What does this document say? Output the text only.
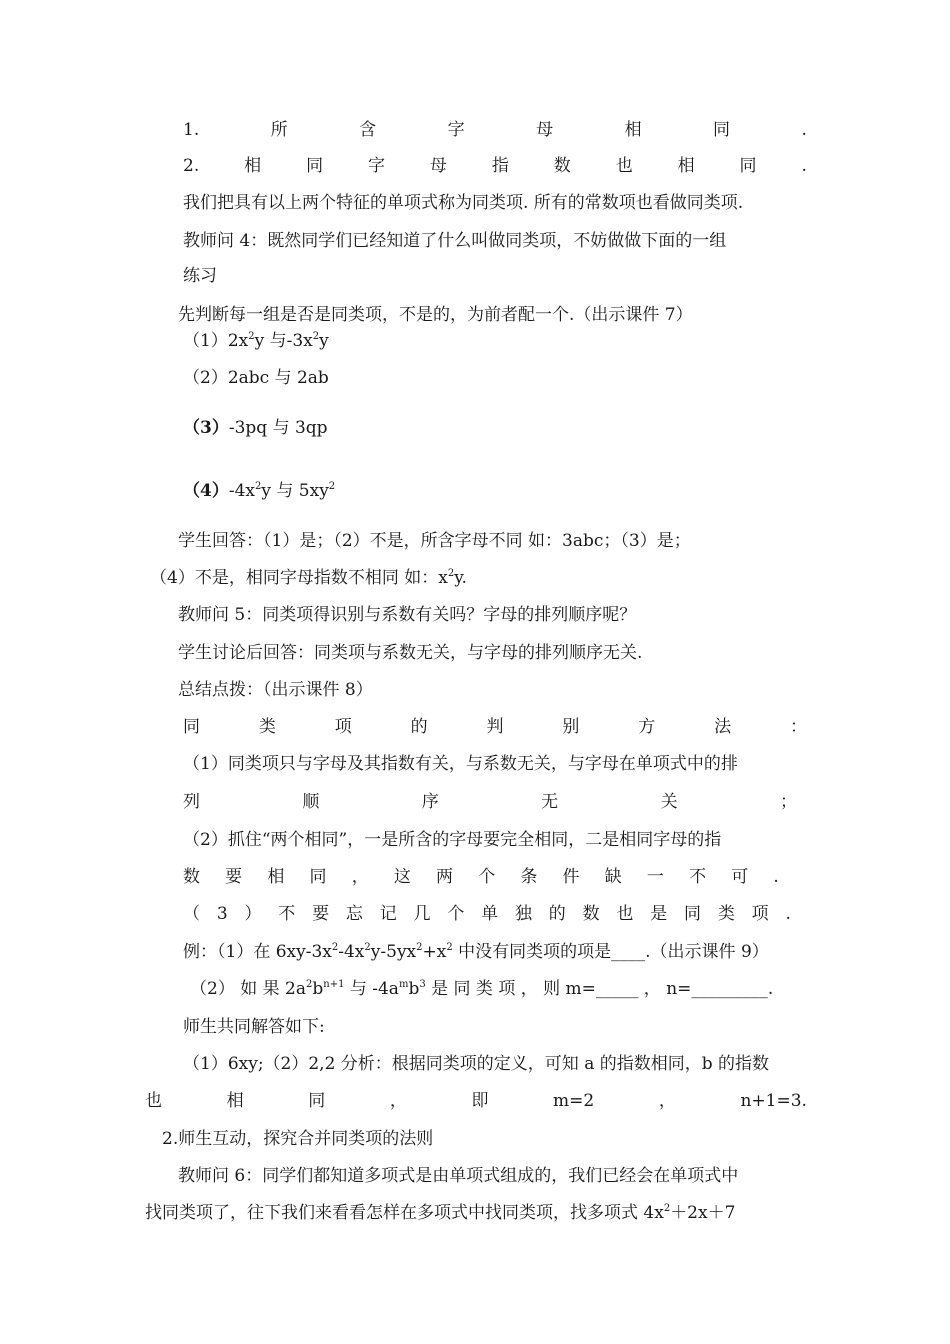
1.	所	含	字	母	相	同	.
2.	相	同	字	母	指	数	也	相	同	.
我们把具有以上两个特征的单项式称为同类项. 所有的常数项也看做同类项.
教师问 4：既然同学们已经知道了什么叫做同类项，不妨做做下面的一组
练习
先判断每一组是否是同类项，不是的，为前者配一个.（出示课件 7）
$(1)2x^2y$ 与$-3x^2y$
（2）2abc 与 2ab
（3）-3pq 与 3qp
$(4)-4x^2y$ 与 $5xy^2$
学生回答：（1）是；（2）不是，所含字母不同 如：3abc；（3）是；
（4）不是，相同字母指数不相同 如：$x^2y$.
教师问 5：同类项得识别与系数有关吗？字母的排列顺序呢？
学生讨论后回答：同类项与系数无关，与字母的排列顺序无关.
总结点拨：（出示课件 8）
同	类	项	的	判	别	方	法	：
（1）同类项只与字母及其指数有关，与系数无关，与字母在单项式中的排
列	顺	序	无	关	；
（2）抓住“两个相同”，一是所含的字母要完全相同，二是相同字母的指
数 要 相 同 ， 这 两 个 条 件 缺 一 不 可 .
（ 3 ） 不 要 忘 记 几 个 单 独 的 数 也 是 同 类 项 .
例：（1）在 $6xy-3x^2-4x^2y-5yx^2+x^2$ 中没有同类项的项是____.（出示课件 9）
（2） 如 果 $2a^2b^{n+1}$ 与 $-4a^mb^3$ 是 同 类 项 ， 则 m=_____ ， n=_________.
师生共同解答如下:
（1）6xy;（2）2,2 分析：根据同类项的定义，可知 a 的指数相同，b 的指数
也	相	同	，	即	m=2	，	n+1=3.
2.师生互动，探究合并同类项的法则
教师问 6：同学们都知道多项式是由单项式组成的，我们已经会在单项式中
找同类项了，往下我们来看看怎样在多项式中找同类项，找多项式 $4x^2+2x+7$
